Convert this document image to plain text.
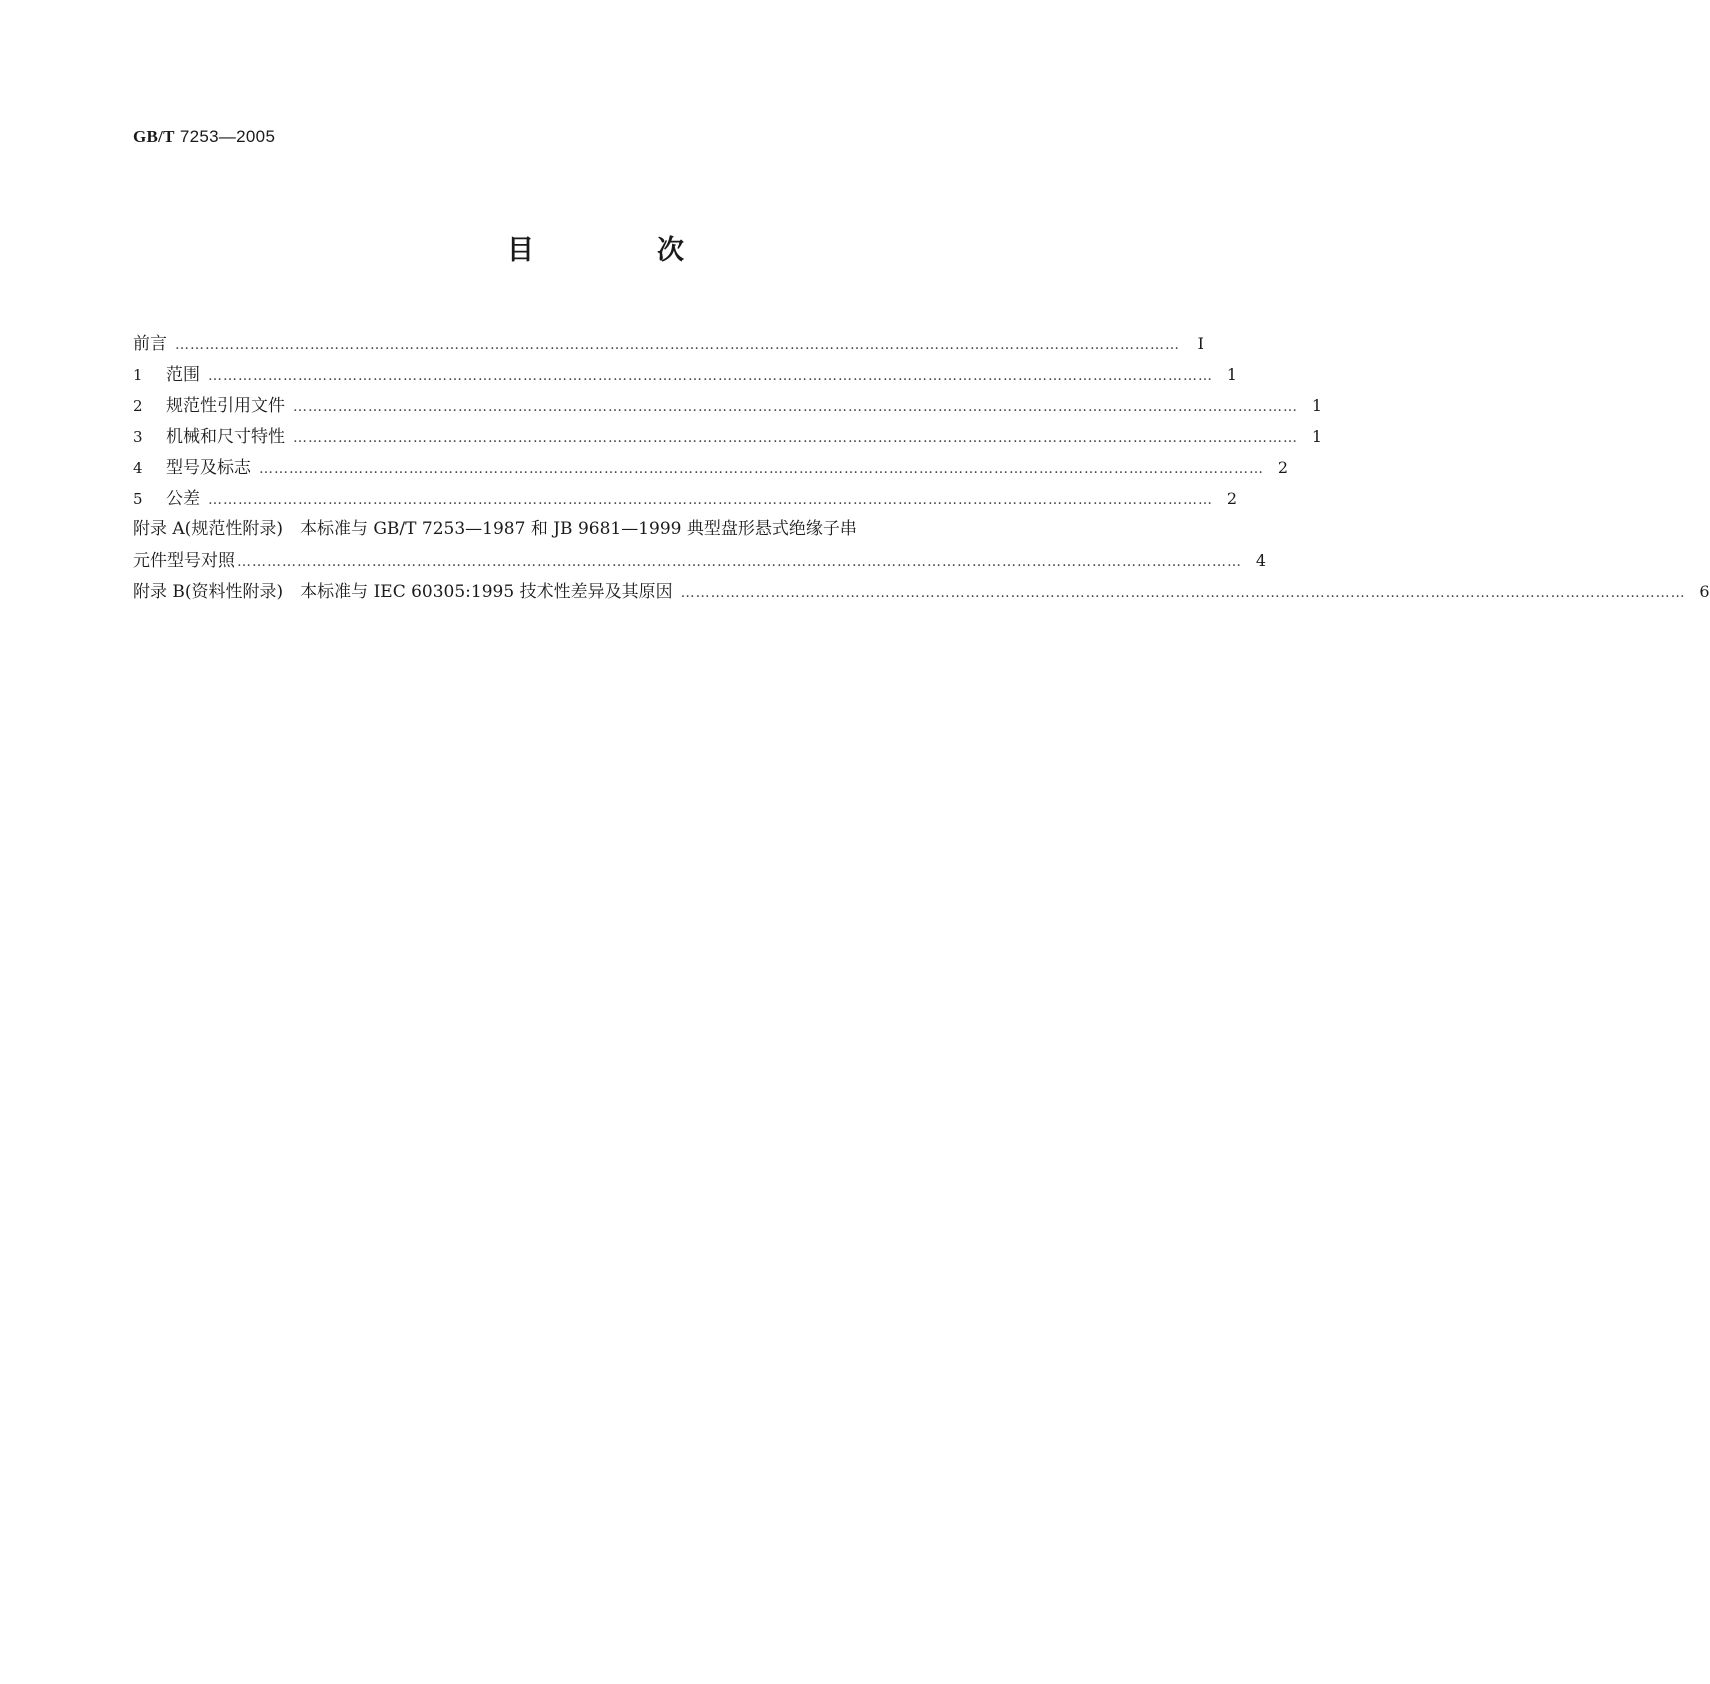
GB/T 7253—2005
目　次
前言 …………………………………………………………………………………………………………………………………………………………………………………	I
1 范围 ………………………………………………………………………………………………………………………………………………………………………………… 1
2 规范性引用文件 ………………………………………………………………………………………………………………………………………………………………………………… 1
3 机械和尺寸特性 ………………………………………………………………………………………………………………………………………………………………………………… 1
4 型号及标志 ………………………………………………………………………………………………………………………………………………………………………………… 2
5 公差 ………………………………………………………………………………………………………………………………………………………………………………… 2
附录 A(规范性附录)　本标准与 GB/T 7253—1987 和 JB 9681—1999 典型盘形悬式绝缘子串
元件型号对照 ………………………………………………………………………………………………………………………………………………………………………………… 4
附录 B(资料性附录)　本标准与 IEC 60305:1995 技术性差异及其原因 ………………………………………………………………………………………………………………………………………………………………………………… 6
